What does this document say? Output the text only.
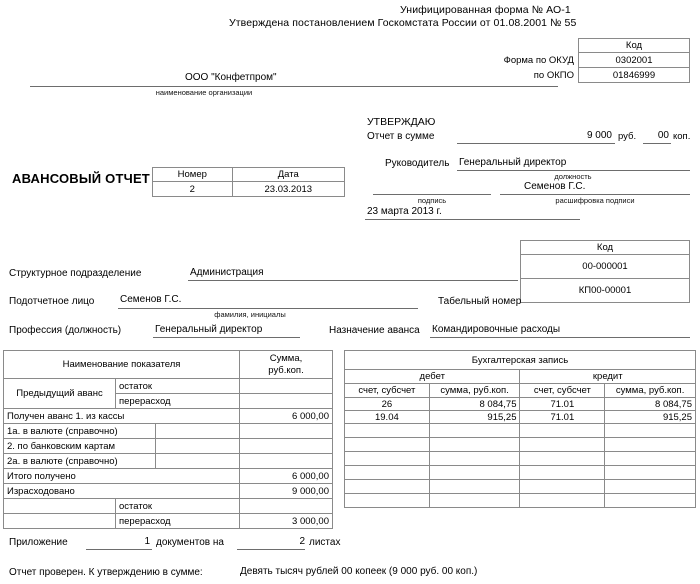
Унифицированная форма № АО-1
Утверждена постановлением Госкомстата России от 01.08.2001 № 55
Код
0302001
01846999
Форма по ОКУД
по ОКПО
ООО "Конфетпром"
наименование организации
УТВЕРЖДАЮ
Отчет в сумме	9 000 руб.	00 коп.
Руководитель Генеральный директор
должность
подпись
Семенов Г.С.
расшифровка подписи
23 марта 2013 г.
АВАНСОВЫЙ ОТЧЕТ	Номер	Дата
2	23.03.2013
Код
00-000001
КП00-00001
Структурное подразделение	Администрация
Подотчетное лицо	Семенов Г.С.
фамилия, инициалы
Табельный номер
Профессия (должность)	Генеральный директор	Назначение аванса Командировочные расходы
Наименование показателя			Сумма,
руб.коп.

Предыдущий аванс	остаток		
	перерасход		
Получен аванс 1. из кассы			6 000,00
1а. в валюте (справочно)			
2. по банковским картам			
2а. в валюте (справочно)			
Итого получено			6 000,00
Израсходовано			9 000,00
	остаток		
	перерасход		3 000,00
Бухгалтерская запись			
дебет		кредит	
счет, субсчет	сумма, руб.коп.	счет, субсчет	сумма, руб.коп.
26	8 084,75	71.01	8 084,75
19.04	915,25	71.01	915,25

Приложение	1 документов на	2 листах
Отчет проверен. К утверждению в сумме:	Девять тысяч рублей 00 копеек (9 000 руб. 00 коп.)
